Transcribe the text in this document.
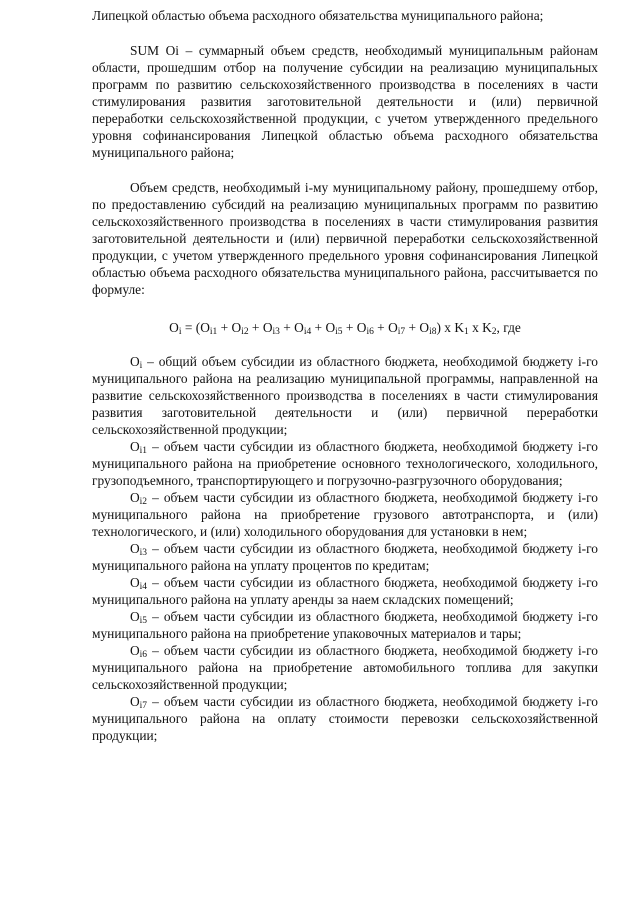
Липецкой областью объема расходного обязательства муниципального района;

SUM Oi – суммарный объем средств, необходимый муниципальным районам области, прошедшим отбор на получение субсидии на реализацию муниципальных программ по развитию сельскохозяйственного производства в поселениях в части стимулирования развития заготовительной деятельности и (или) первичной переработки сельскохозяйственной продукции, с учетом утвержденного предельного уровня софинансирования Липецкой областью объема расходного обязательства муниципального района;

Объем средств, необходимый i-му муниципальному району, прошедшему отбор, по предоставлению субсидий на реализацию муниципальных программ по развитию сельскохозяйственного производства в поселениях в части стимулирования развития заготовительной деятельности и (или) первичной переработки сельскохозяйственной продукции, с учетом утвержденного предельного уровня софинансирования Липецкой областью объема расходного обязательства муниципального района, рассчитывается по формуле:

$O_i = (O_{i1} + O_{i2} + O_{i3} + O_{i4} + O_{i5} + O_{i6} + O_{i7} + O_{i8})$ x $K_1$ x $K_2$, где

$O_i$ – общий объем субсидии из областного бюджета, необходимой бюджету i-го муниципального района на реализацию муниципальной программы, направленной на развитие сельскохозяйственного производства в поселениях в части стимулирования развития заготовительной деятельности и (или) первичной переработки сельскохозяйственной продукции;

$O_{i1}$ – объем части субсидии из областного бюджета, необходимой бюджету i-го муниципального района на приобретение основного технологического, холодильного, грузоподъемного, транспортирующего и погрузочно-разгрузочного оборудования;

$O_{i2}$ – объем части субсидии из областного бюджета, необходимой бюджету i-го муниципального района на приобретение грузового автотранспорта, и (или) технологического, и (или) холодильного оборудования для установки в нем;

$O_{i3}$ – объем части субсидии из областного бюджета, необходимой бюджету i-го муниципального района на уплату процентов по кредитам;

$O_{i4}$ – объем части субсидии из областного бюджета, необходимой бюджету i-го муниципального района на уплату аренды за наем складских помещений;

$O_{i5}$ – объем части субсидии из областного бюджета, необходимой бюджету i-го муниципального района на приобретение упаковочных материалов и тары;

$O_{i6}$ – объем части субсидии из областного бюджета, необходимой бюджету i-го муниципального района на приобретение автомобильного топлива для закупки сельскохозяйственной продукции;

$O_{i7}$ – объем части субсидии из областного бюджета, необходимой бюджету i-го муниципального района на оплату стоимости перевозки сельскохозяйственной продукции;
